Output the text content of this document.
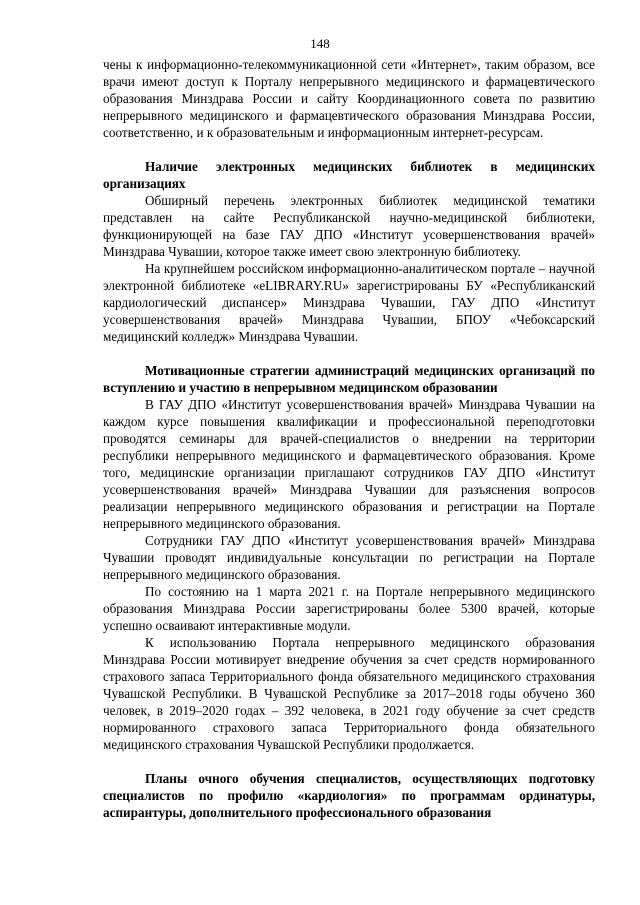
148

чены к информационно-телекоммуникационной сети «Интернет», таким образом, все врачи имеют доступ к Порталу непрерывного медицинского и фармацевтического образования Минздрава России и сайту Координационного совета по развитию непрерывного медицинского и фармацевтического образования Минздрава России, соответственно, и к образовательным и информационным интернет-ресурсам.

Наличие электронных медицинских библиотек в медицинских организациях

Обширный перечень электронных библиотек медицинской тематики представлен на сайте Республиканской научно-медицинской библиотеки, функционирующей на базе ГАУ ДПО «Институт усовершенствования врачей» Минздрава Чувашии, которое также имеет свою электронную библиотеку.

На крупнейшем российском информационно-аналитическом портале – научной электронной библиотеке «eLIBRARY.RU» зарегистрированы БУ «Республиканский кардиологический диспансер» Минздрава Чувашии, ГАУ ДПО «Институт усовершенствования врачей» Минздрава Чувашии, БПОУ «Чебоксарский медицинский колледж» Минздрава Чувашии.

Мотивационные стратегии администраций медицинских организаций по вступлению и участию в непрерывном медицинском образовании

В ГАУ ДПО «Институт усовершенствования врачей» Минздрава Чувашии на каждом курсе повышения квалификации и профессиональной переподготовки проводятся семинары для врачей-специалистов о внедрении на территории республики непрерывного медицинского и фармацевтического образования. Кроме того, медицинские организации приглашают сотрудников ГАУ ДПО «Институт усовершенствования врачей» Минздрава Чувашии для разъяснения вопросов реализации непрерывного медицинского образования и регистрации на Портале непрерывного медицинского образования.

Сотрудники ГАУ ДПО «Институт усовершенствования врачей» Минздрава Чувашии проводят индивидуальные консультации по регистрации на Портале непрерывного медицинского образования.

По состоянию на 1 марта 2021 г. на Портале непрерывного медицинского образования Минздрава России зарегистрированы более 5300 врачей, которые успешно осваивают интерактивные модули.

К использованию Портала непрерывного медицинского образования Минздрава России мотивирует внедрение обучения за счет средств нормированного страхового запаса Территориального фонда обязательного медицинского страхования Чувашской Республики. В Чувашской Республике за 2017–2018 годы обучено 360 человек, в 2019–2020 годах – 392 человека, в 2021 году обучение за счет средств нормированного страхового запаса Территориального фонда обязательного медицинского страхования Чувашской Республики продолжается.

Планы очного обучения специалистов, осуществляющих подготовку специалистов по профилю «кардиология» по программам ординатуры, аспирантуры, дополнительного профессионального образования
